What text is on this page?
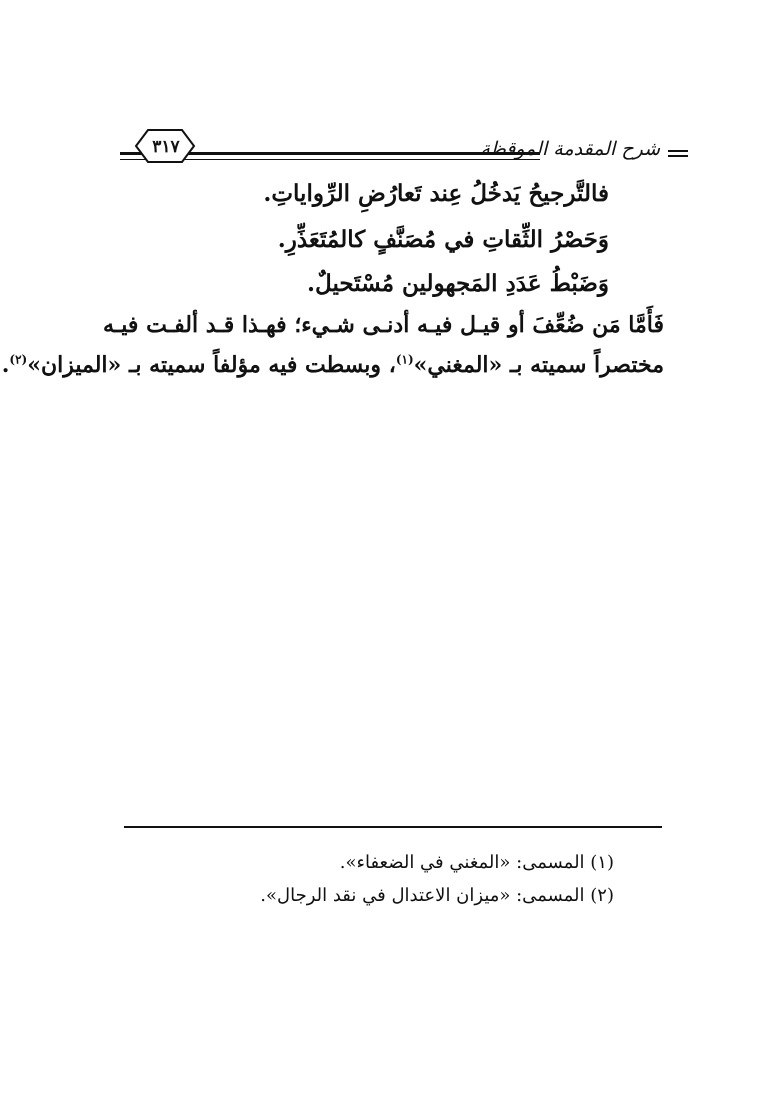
شرح المقدمة الموقظة
٣١٧
فالتَّرجيحُ يَدخُلُ عِند تَعارُضِ الرِّواياتِ.
وَحَصْرُ الثِّقاتِ في مُصَنَّفٍ كالمُتَعَذِّرِ.
وَضَبْطُ عَدَدِ المَجهولين مُسْتَحيلٌ.
فَأَمَّا مَن ضُعِّفَ أو قيـل فيـه أدنـى شـيء؛ فهـذا قـد ألفـت فيـه
مختصراً سميته بـ «المغني»$^{(١)}$، وبسطت فيه مؤلفاً سميته بـ «الميزان»$^{(٢)}$.
(١) المسمى: «المغني في الضعفاء».
(٢) المسمى: «ميزان الاعتدال في نقد الرجال».
